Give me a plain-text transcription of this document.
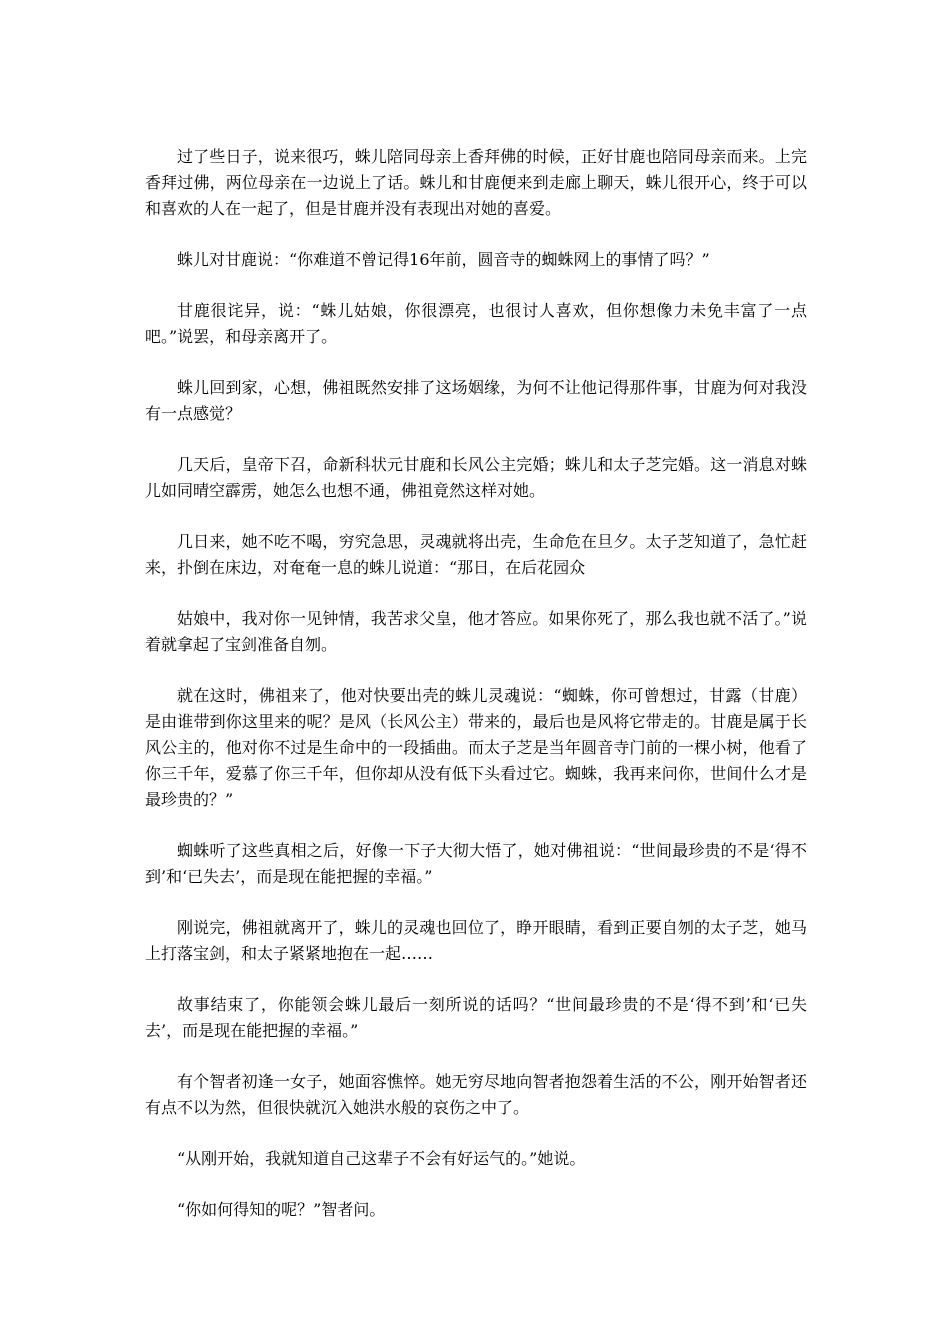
过了些日子，说来很巧，蛛儿陪同母亲上香拜佛的时候，正好甘鹿也陪同母亲而来。上完香拜过佛，两位母亲在一边说上了话。蛛儿和甘鹿便来到走廊上聊天，蛛儿很开心，终于可以和喜欢的人在一起了，但是甘鹿并没有表现出对她的喜爱。

蛛儿对甘鹿说：“你难道不曾记得16年前，圆音寺的蜘蛛网上的事情了吗？”

甘鹿很诧异，说：“蛛儿姑娘，你很漂亮，也很讨人喜欢，但你想像力未免丰富了一点吧。”说罢，和母亲离开了。

蛛儿回到家，心想，佛祖既然安排了这场姻缘，为何不让他记得那件事，甘鹿为何对我没有一点感觉？

几天后，皇帝下召，命新科状元甘鹿和长风公主完婚；蛛儿和太子芝完婚。这一消息对蛛儿如同晴空霹雳，她怎么也想不通，佛祖竟然这样对她。

几日来，她不吃不喝，穷究急思，灵魂就将出壳，生命危在旦夕。太子芝知道了，急忙赶来，扑倒在床边，对奄奄一息的蛛儿说道：“那日，在后花园众

姑娘中，我对你一见钟情，我苦求父皇，他才答应。如果你死了，那么我也就不活了。”说着就拿起了宝剑准备自刎。

就在这时，佛祖来了，他对快要出壳的蛛儿灵魂说：“蜘蛛，你可曾想过，甘露（甘鹿）是由谁带到你这里来的呢？是风（长风公主）带来的，最后也是风将它带走的。甘鹿是属于长风公主的，他对你不过是生命中的一段插曲。而太子芝是当年圆音寺门前的一棵小树，他看了你三千年，爱慕了你三千年，但你却从没有低下头看过它。蜘蛛，我再来问你，世间什么才是最珍贵的？”

蜘蛛听了这些真相之后，好像一下子大彻大悟了，她对佛祖说：“世间最珍贵的不是‘得不到’和‘已失去’，而是现在能把握的幸福。”

刚说完，佛祖就离开了，蛛儿的灵魂也回位了，睁开眼睛，看到正要自刎的太子芝，她马上打落宝剑，和太子紧紧地抱在一起……

故事结束了，你能领会蛛儿最后一刻所说的话吗？“世间最珍贵的不是‘得不到’和‘已失去’，而是现在能把握的幸福。”

有个智者初逢一女子，她面容憔悴。她无穷尽地向智者抱怨着生活的不公，刚开始智者还有点不以为然，但很快就沉入她洪水般的哀伤之中了。

“从刚开始，我就知道自己这辈子不会有好运气的。”她说。

“你如何得知的呢？”智者问。
